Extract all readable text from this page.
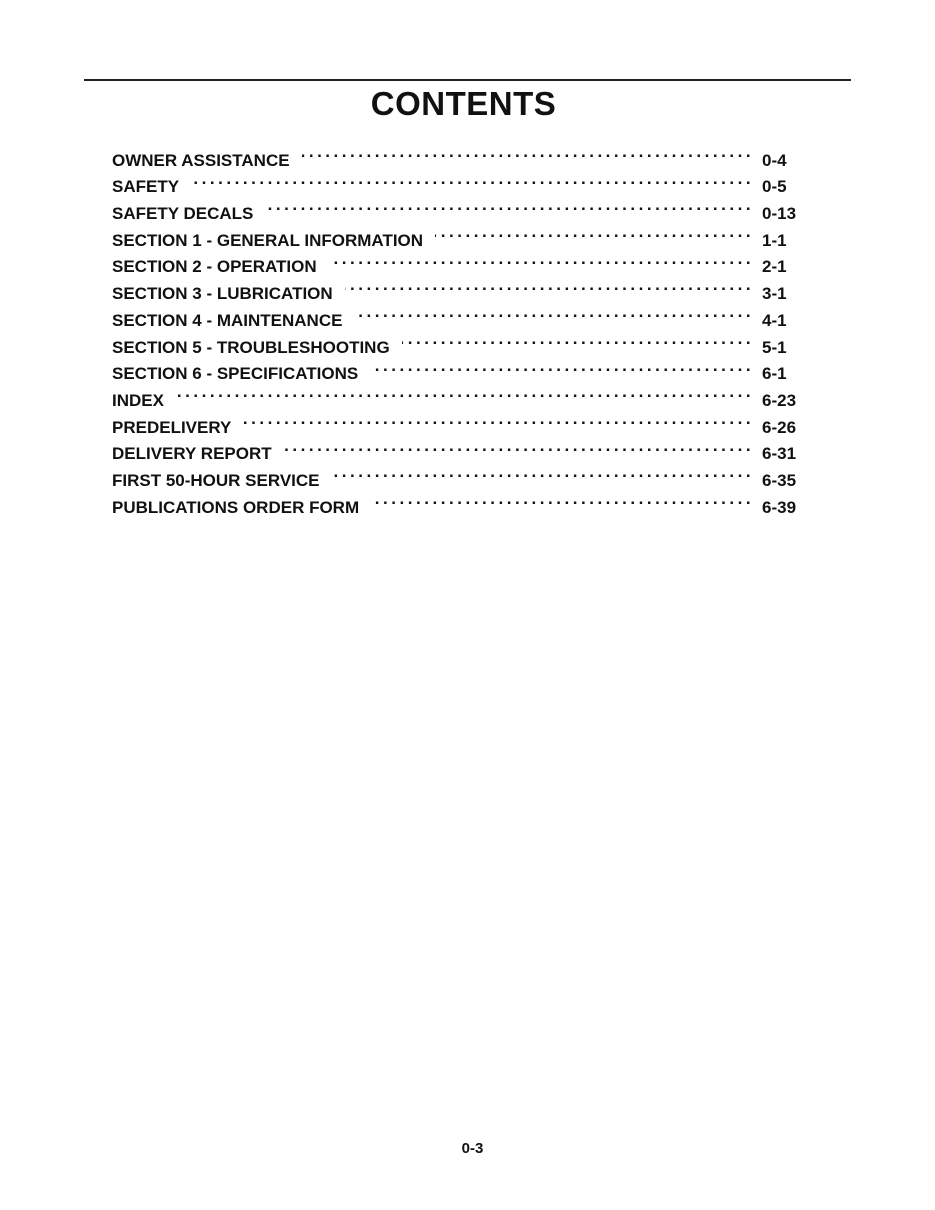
CONTENTS
OWNER ASSISTANCE . . .	0-4
SAFETY . . .	0-5
SAFETY DECALS . . .	0-13
SECTION 1 - GENERAL INFORMATION . . .	1-1
SECTION 2 - OPERATION . . .	2-1
SECTION 3 - LUBRICATION . . .	3-1
SECTION 4 - MAINTENANCE . . .	4-1
SECTION 5 - TROUBLESHOOTING . . .	5-1
SECTION 6 - SPECIFICATIONS . . .	6-1
INDEX . . .	6-23
PREDELIVERY . . .	6-26
DELIVERY REPORT . . .	6-31
FIRST 50-HOUR SERVICE . . .	6-35
PUBLICATIONS ORDER FORM . . .	6-39
0-3
